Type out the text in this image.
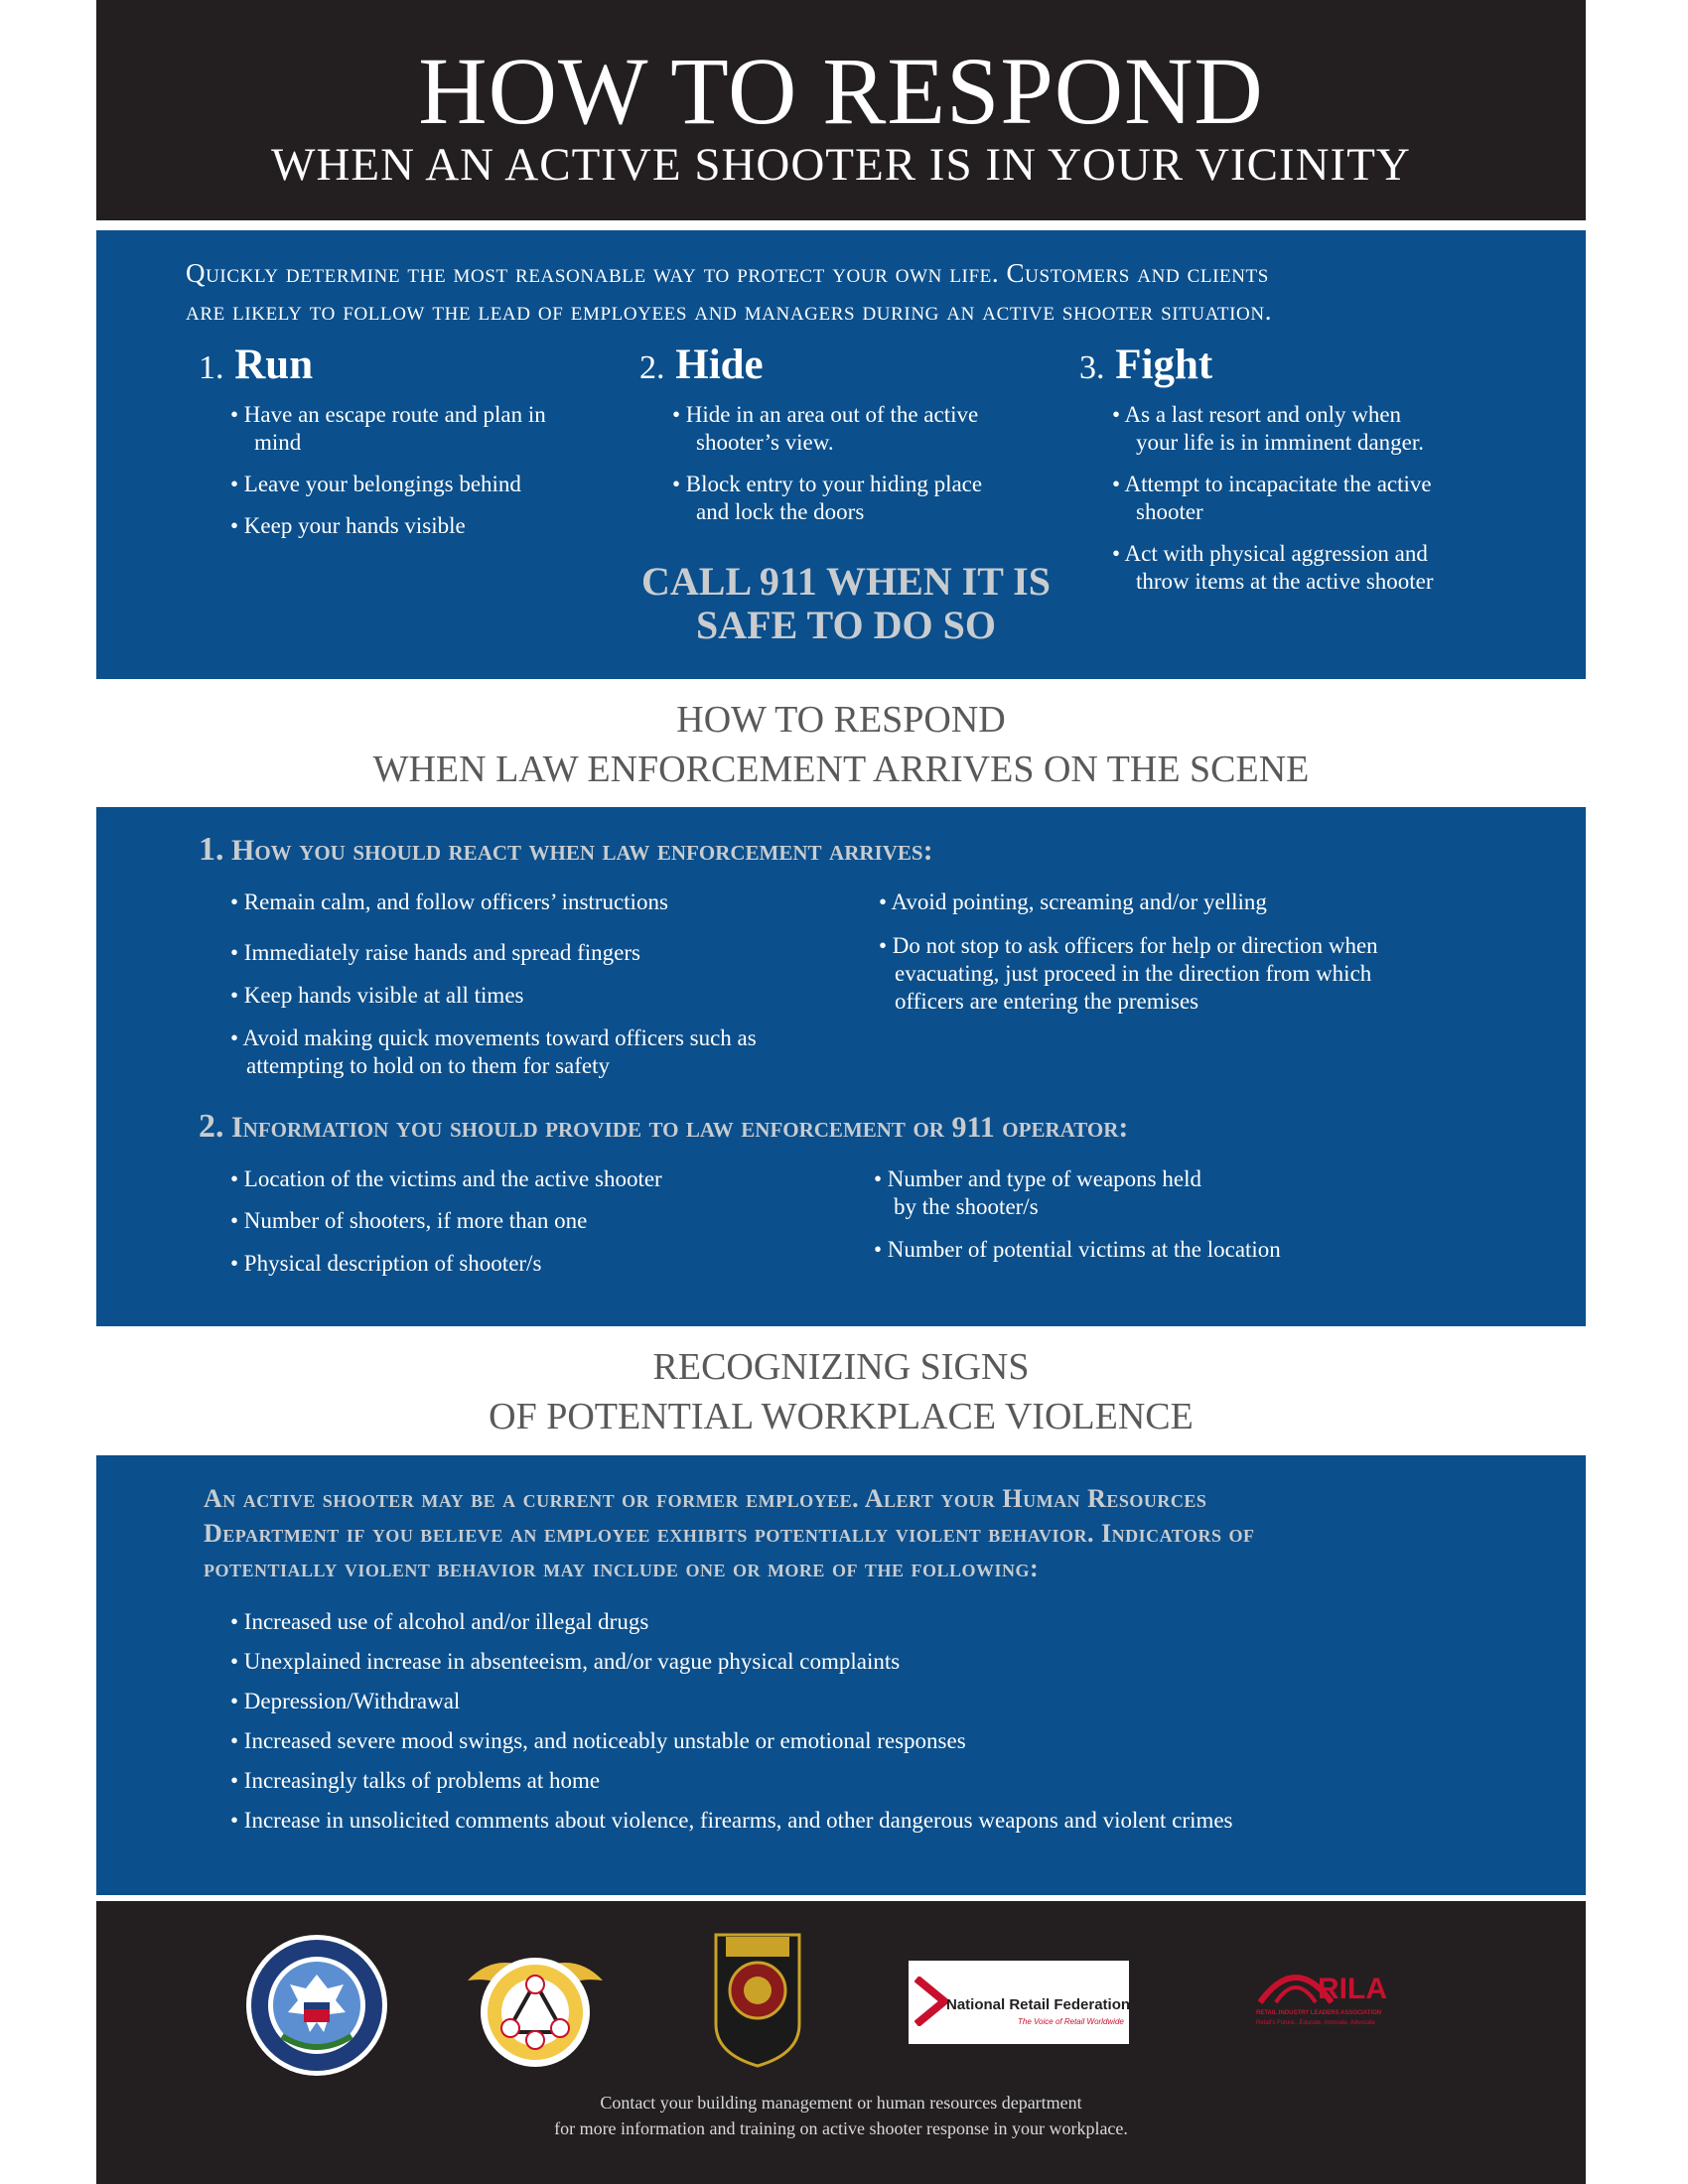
HOW TO RESPOND
WHEN AN ACTIVE SHOOTER IS IN YOUR VICINITY
Quickly determine the most reasonable way to protect your own life. Customers and clients
are likely to follow the lead of employees and managers during an active shooter situation.
1. Run
• Have an escape route and plan in
mind
• Leave your belongings behind
• Keep your hands visible
2. Hide
• Hide in an area out of the active
shooter’s view.
• Block entry to your hiding place
and lock the doors
CALL 911 WHEN IT IS
SAFE TO DO SO
3. Fight
• As a last resort and only when
your life is in imminent danger.
• Attempt to incapacitate the active
shooter
• Act with physical aggression and
throw items at the active shooter
HOW TO RESPOND
WHEN LAW ENFORCEMENT ARRIVES ON THE SCENE
1. How you should react when law enforcement arrives:
• Remain calm, and follow officers’ instructions
• Immediately raise hands and spread fingers
• Keep hands visible at all times
• Avoid making quick movements toward officers such as
attempting to hold on to them for safety
• Avoid pointing, screaming and/or yelling
• Do not stop to ask officers for help or direction when
evacuating, just proceed in the direction from which
officers are entering the premises
2. Information you should provide to law enforcement or 911 operator:
• Location of the victims and the active shooter
• Number of shooters, if more than one
• Physical description of shooter/s
• Number and type of weapons held
by the shooter/s
• Number of potential victims at the location
RECOGNIZING SIGNS
OF POTENTIAL WORKPLACE VIOLENCE
An active shooter may be a current or former employee. Alert your Human Resources
Department if you believe an employee exhibits potentially violent behavior. Indicators of
potentially violent behavior may include one or more of the following:
• Increased use of alcohol and/or illegal drugs
• Unexplained increase in absenteeism, and/or vague physical complaints
• Depression/Withdrawal
• Increased severe mood swings, and noticeably unstable or emotional responses
• Increasingly talks of problems at home
• Increase in unsolicited comments about violence, firearms, and other dangerous weapons and violent crimes
National Retail Federation®
The Voice of Retail Worldwide
RILA
RETAIL INDUSTRY LEADERS ASSOCIATION
Retail's Future...Educate, Innovate, Advocate
Contact your building management or human resources department
for more information and training on active shooter response in your workplace.
